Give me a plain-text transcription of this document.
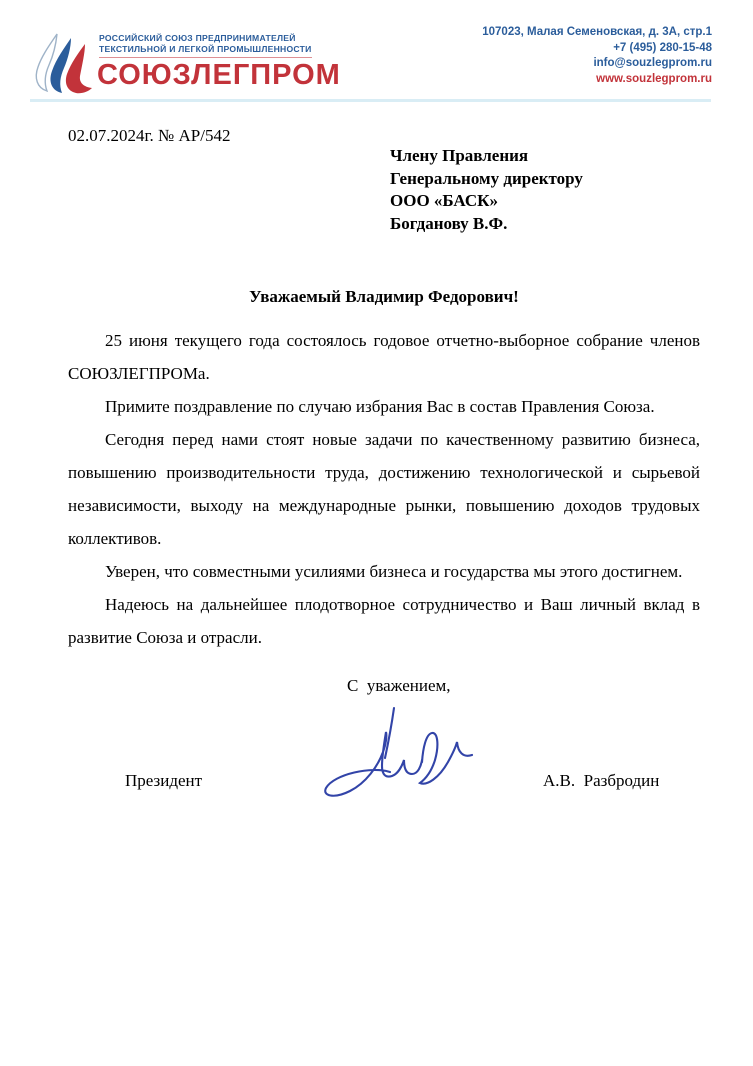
РОССИЙСКИЙ СОЮЗ ПРЕДПРИНИМАТЕЛЕЙ
ТЕКСТИЛЬНОЙ И ЛЕГКОЙ ПРОМЫШЛЕННОСТИ
СОЮЗЛЕГПРОМ
107023, Малая Семеновская, д. 3А, стр.1
+7 (495) 280-15-48
info@souzlegprom.ru
www.souzlegprom.ru
02.07.2024г. № АР/542
Члену Правления
Генеральному директору
ООО «БАСК»
Богданову В.Ф.
Уважаемый Владимир Федорович!

25 июня текущего года состоялось годовое отчетно-выборное собрание членов СОЮЗЛЕГПРОМа.

Примите поздравление по случаю избрания Вас в состав Правления Союза.

Сегодня перед нами стоят новые задачи по качественному развитию бизнеса, повышению производительности труда, достижению технологической и сырьевой независимости, выходу на международные рынки, повышению доходов трудовых коллективов.

Уверен, что совместными усилиями бизнеса и государства мы этого достигнем.

Надеюсь на дальнейшее плодотворное сотрудничество и Ваш личный вклад в развитие Союза и отрасли.

С  уважением,
Президент	А.В.  Разбродин
